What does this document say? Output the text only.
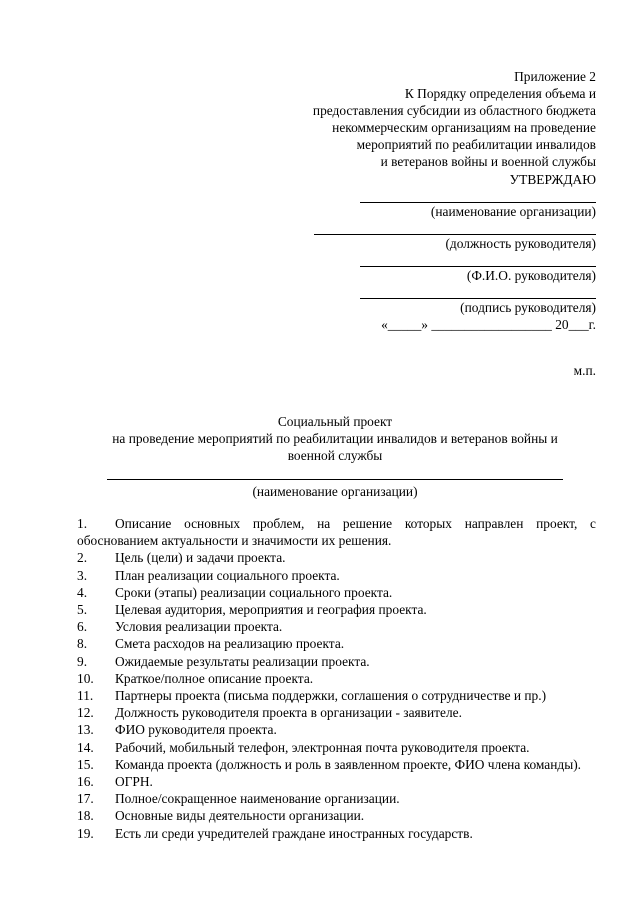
Приложение 2
К Порядку определения объема и
предоставления субсидии из областного бюджета
некоммерческим организациям на проведение
мероприятий по реабилитации инвалидов
и ветеранов войны и военной службы
УТВЕРЖДАЮ
(наименование организации)
(должность руководителя)
(Ф.И.О. руководителя)
(подпись руководителя)
«_____» __________________ 20___г.
м.п.
Социальный проект
на проведение мероприятий по реабилитации инвалидов и ветеранов войны и
военной службы
(наименование организации)
1. Описание основных проблем, на решение которых направлен проект, с обоснованием актуальности и значимости их решения.
2. Цель (цели) и задачи проекта.
3. План реализации социального проекта.
4. Сроки (этапы) реализации социального проекта.
5. Целевая аудитория, мероприятия и география проекта.
6. Условия реализации проекта.
8. Смета расходов на реализацию проекта.
9. Ожидаемые результаты реализации проекта.
10. Краткое/полное описание проекта.
11. Партнеры проекта (письма поддержки, соглашения о сотрудничестве и пр.)
12. Должность руководителя проекта в организации - заявителе.
13. ФИО руководителя проекта.
14. Рабочий, мобильный телефон, электронная почта руководителя проекта.
15. Команда проекта (должность и роль в заявленном проекте, ФИО члена команды).
16. ОГРН.
17. Полное/сокращенное наименование организации.
18. Основные виды деятельности организации.
19. Есть ли среди учредителей граждане иностранных государств.
